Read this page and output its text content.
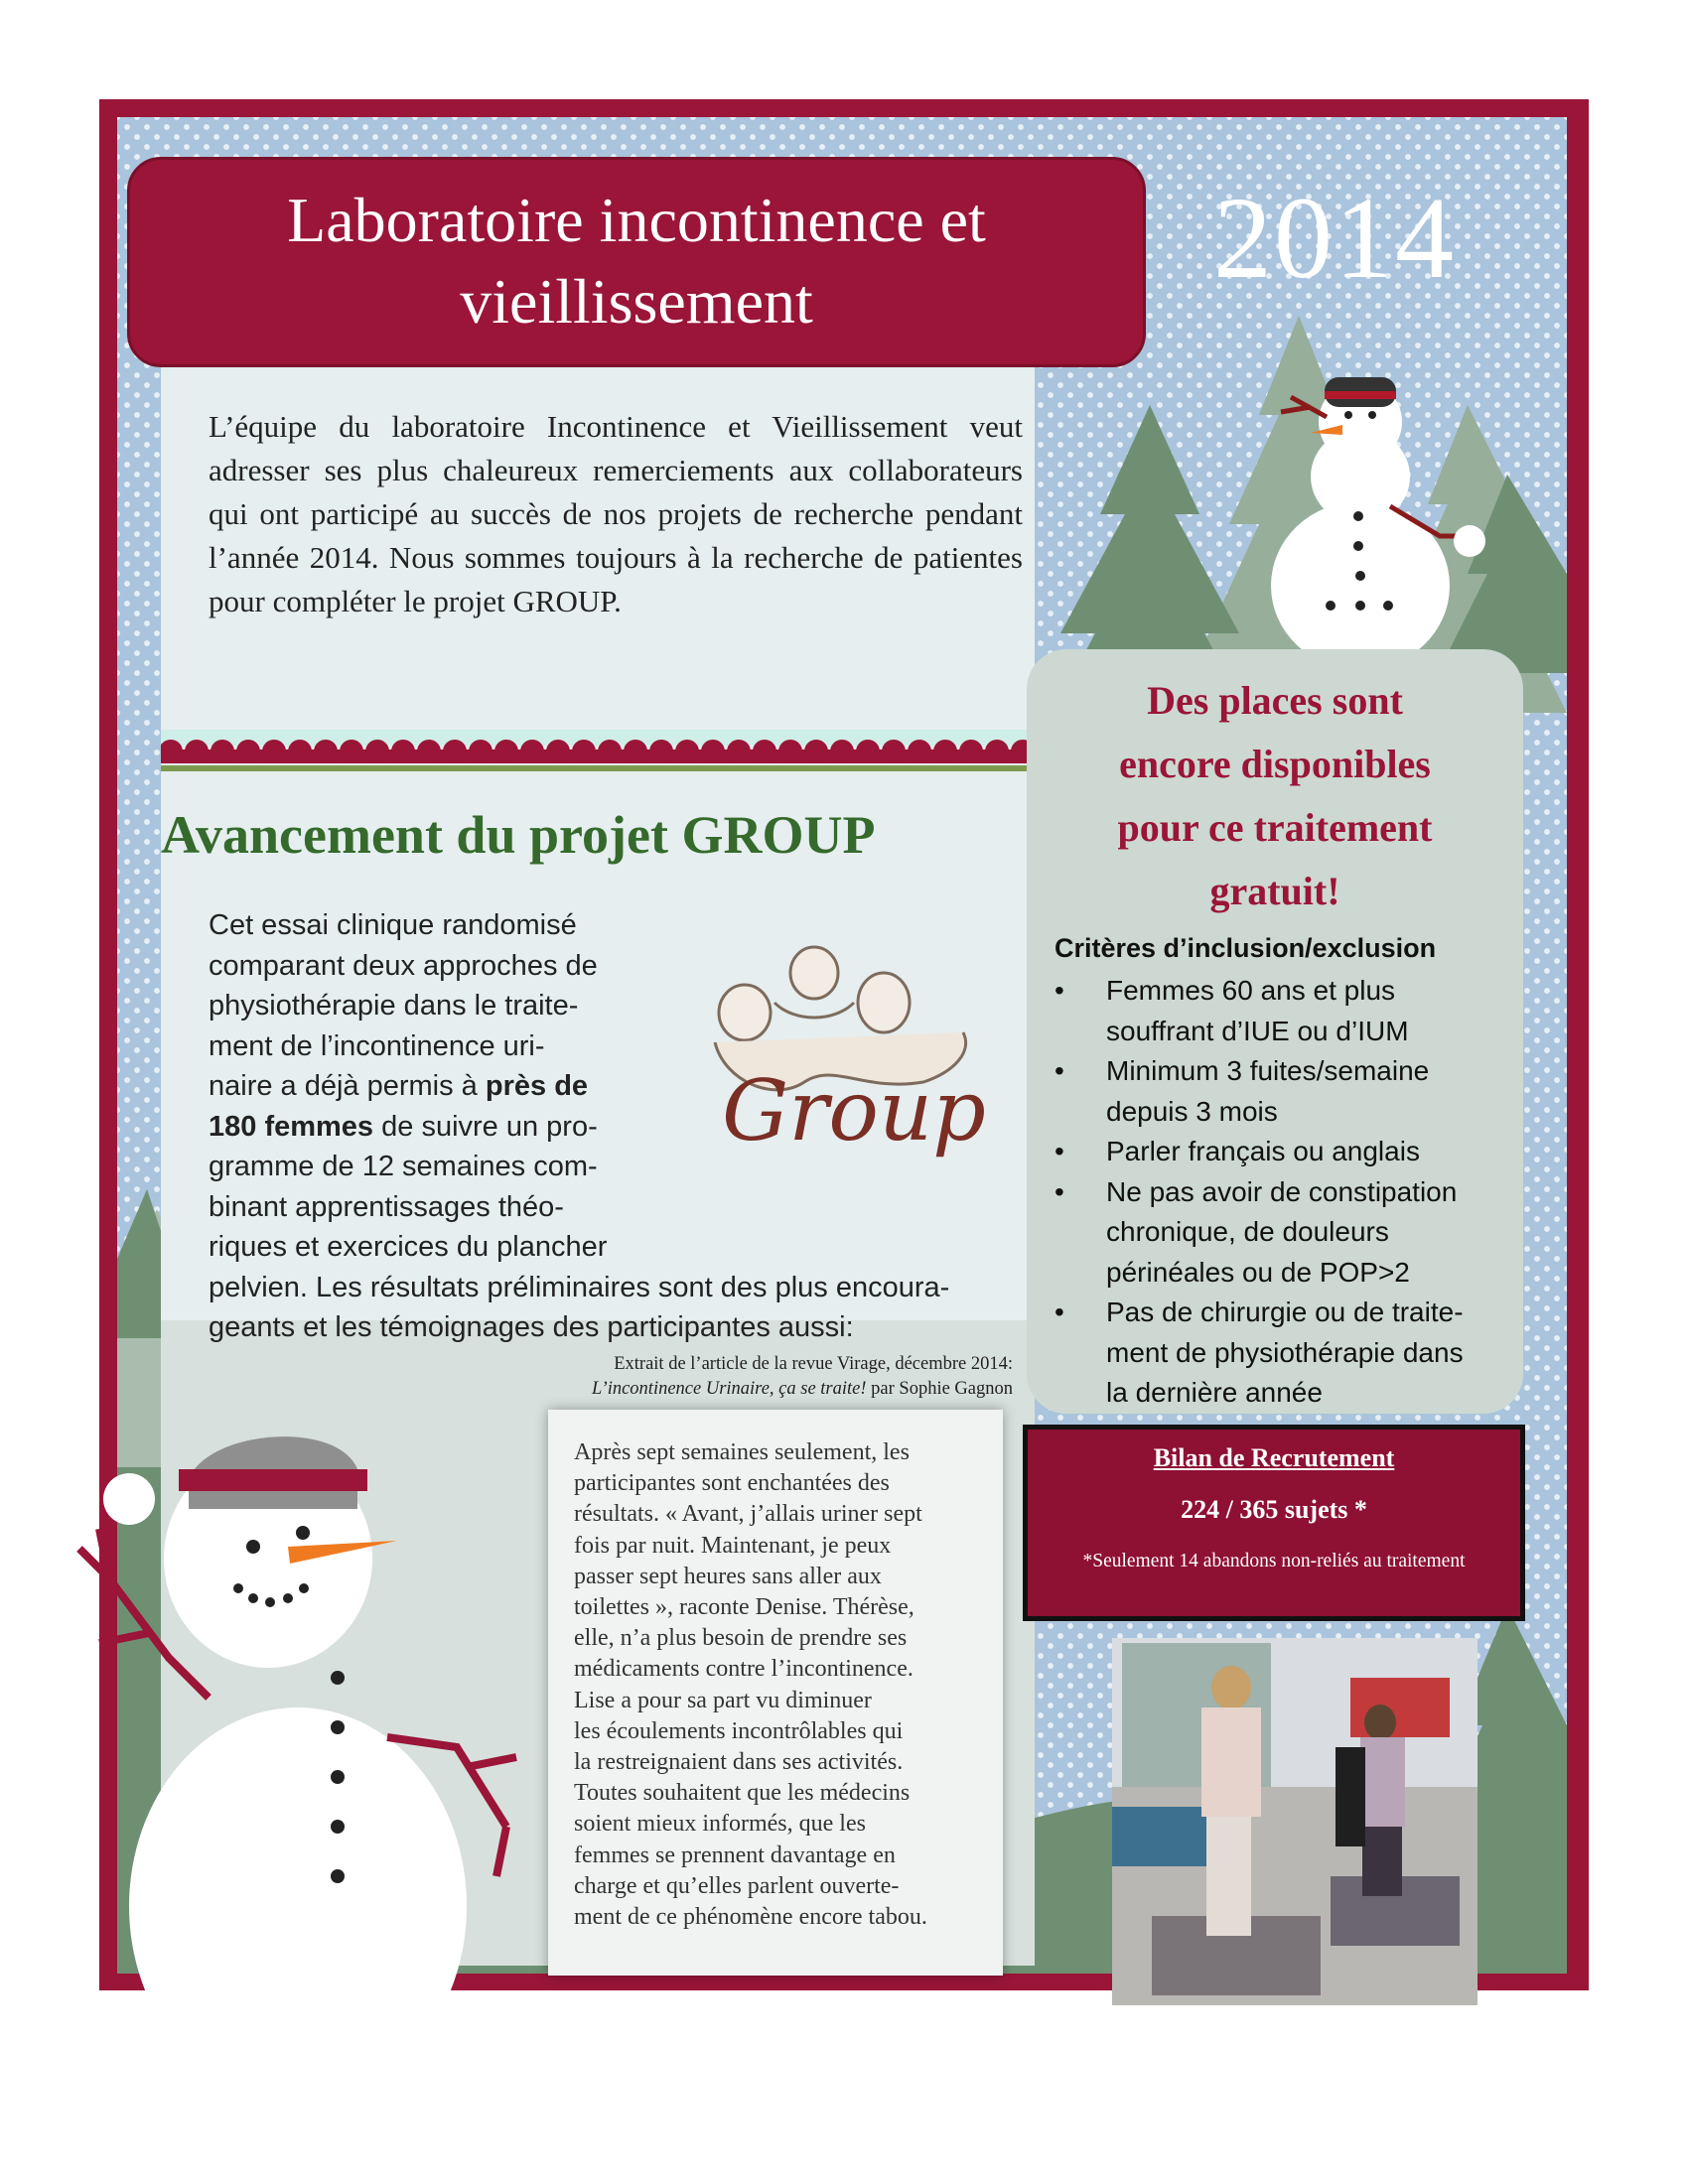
Laboratoire incontinence et
vieillissement	2014
L’équipe du laboratoire Incontinence et Vieillissement veut adresser ses plus chaleureux remerciements aux collaborateurs qui ont participé au succès de nos projets de recherche pendant l’année 2014. Nous sommes toujours à la recherche de patientes pour compléter le projet GROUP.
Avancement du projet GROUP
Group
Cet essai clinique randomisé
comparant deux approches de
physiothérapie dans le traite-
ment de l’incontinence uri-
naire a déjà permis à près de
180 femmes de suivre un pro-
gramme de 12 semaines com-
binant apprentissages théo-
riques et exercices du plancher
pelvien. Les résultats préliminaires sont des plus encoura-
geants et les témoignages des participantes aussi:
Extrait de l’article de la revue Virage, décembre 2014:
L’incontinence Urinaire, ça se traite! par Sophie Gagnon
Après sept semaines seulement, les
participantes sont enchantées des
résultats. « Avant, j’allais uriner sept
fois par nuit. Maintenant, je peux
passer sept heures sans aller aux
toilettes », raconte Denise. Thérèse,
elle, n’a plus besoin de prendre ses
médicaments contre l’incontinence.
Lise a pour sa part vu diminuer
les écoulements incontrôlables qui
la restreignaient dans ses activités.
Toutes souhaitent que les médecins
soient mieux informés, que les
femmes se prennent davantage en
charge et qu’elles parlent ouverte-
ment de ce phénomène encore tabou.
Des places sont
encore disponibles
pour ce traitement
gratuit!
Critères d’inclusion/exclusion
• Femmes 60 ans et plus
souffrant d’IUE ou d’IUM
• Minimum 3 fuites/semaine
depuis 3 mois
• Parler français ou anglais
• Ne pas avoir de constipation
chronique, de douleurs
périnéales ou de POP>2
• Pas de chirurgie ou de traite-
ment de physiothérapie dans
la dernière année
Bilan de Recrutement
224 / 365 sujets *
*Seulement 14 abandons non-reliés au traitement
